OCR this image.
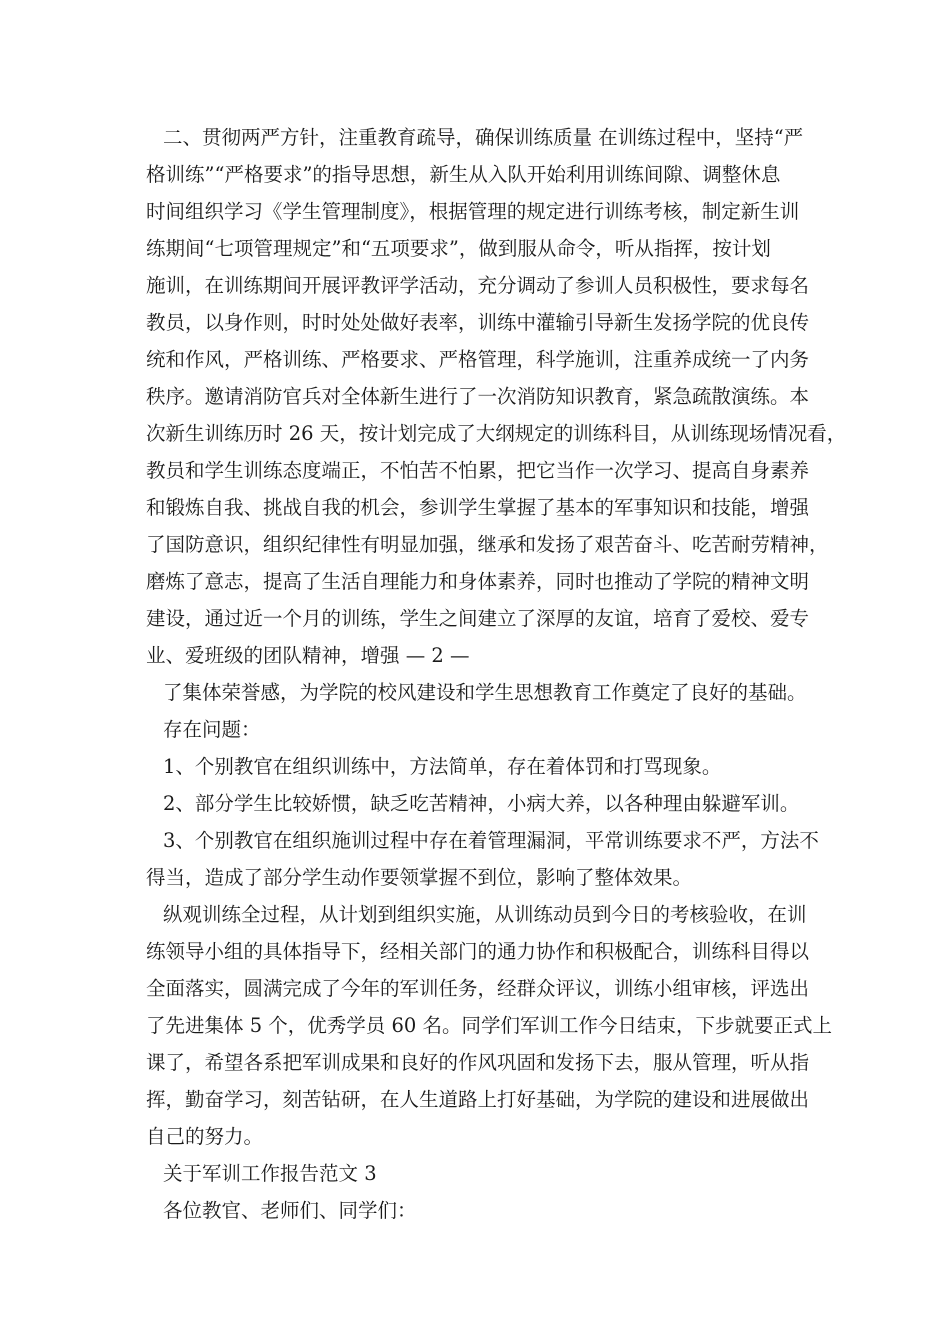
二、贯彻两严方针，注重教育疏导，确保训练质量 在训练过程中，坚持“严
格训练”“严格要求”的指导思想，新生从入队开始利用训练间隙、调整休息
时间组织学习《学生管理制度》，根据管理的规定进行训练考核，制定新生训
练期间“七项管理规定”和“五项要求”，做到服从命令，听从指挥，按计划
施训，在训练期间开展评教评学活动，充分调动了参训人员积极性，要求每名
教员，以身作则，时时处处做好表率，训练中灌输引导新生发扬学院的优良传
统和作风，严格训练、严格要求、严格管理，科学施训，注重养成统一了内务
秩序。邀请消防官兵对全体新生进行了一次消防知识教育，紧急疏散演练。本
次新生训练历时 26 天，按计划完成了大纲规定的训练科目，从训练现场情况看，
教员和学生训练态度端正，不怕苦不怕累，把它当作一次学习、提高自身素养
和锻炼自我、挑战自我的机会，参训学生掌握了基本的军事知识和技能，增强
了国防意识，组织纪律性有明显加强，继承和发扬了艰苦奋斗、吃苦耐劳精神，
磨炼了意志，提高了生活自理能力和身体素养，同时也推动了学院的精神文明
建设，通过近一个月的训练，学生之间建立了深厚的友谊，培育了爱校、爱专
业、爱班级的团队精神，增强 — 2 —
了集体荣誉感，为学院的校风建设和学生思想教育工作奠定了良好的基础。
存在问题：
1、个别教官在组织训练中，方法简单，存在着体罚和打骂现象。
2、部分学生比较娇惯，缺乏吃苦精神，小病大养，以各种理由躲避军训。
3、个别教官在组织施训过程中存在着管理漏洞，平常训练要求不严，方法不
得当，造成了部分学生动作要领掌握不到位，影响了整体效果。
纵观训练全过程，从计划到组织实施，从训练动员到今日的考核验收，在训
练领导小组的具体指导下，经相关部门的通力协作和积极配合，训练科目得以
全面落实，圆满完成了今年的军训任务，经群众评议，训练小组审核，评选出
了先进集体 5 个，优秀学员 60 名。同学们军训工作今日结束，下步就要正式上
课了，希望各系把军训成果和良好的作风巩固和发扬下去，服从管理，听从指
挥，勤奋学习，刻苦钻研，在人生道路上打好基础，为学院的建设和进展做出
自己的努力。
关于军训工作报告范文 3
各位教官、老师们、同学们：
